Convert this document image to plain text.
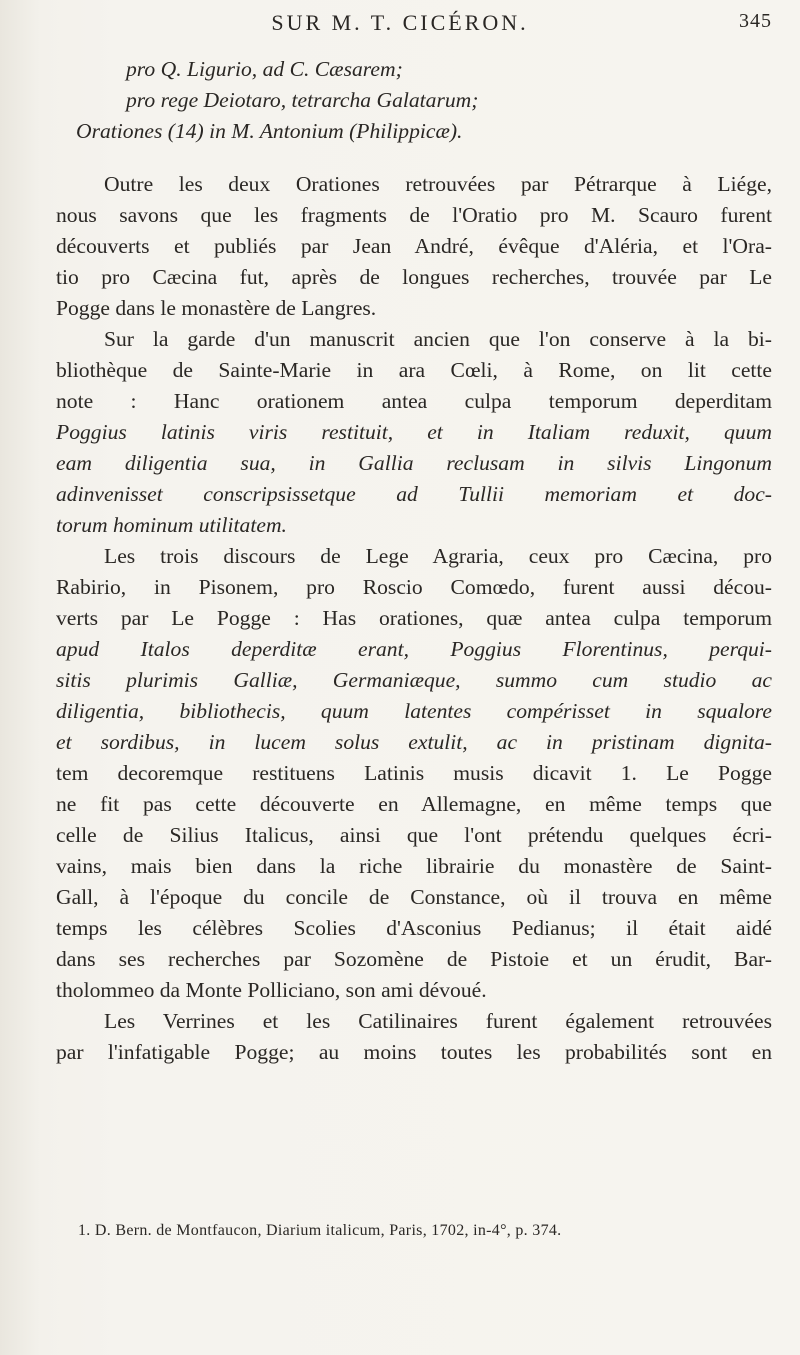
SUR M. T. CICÉRON.	345
pro Q. Ligurio, ad C. Cæsarem;
pro rege Deiotaro, tetrarcha Galatarum;
Orationes (14) in M. Antonium (Philippicæ).
Outre les deux Orationes retrouvées par Pétrarque à Liége,
nous savons que les fragments de l'Oratio pro M. Scauro furent
découverts et publiés par Jean André, évêque d'Aléria, et l'Ora-
tio pro Cæcina fut, après de longues recherches, trouvée par Le
Pogge dans le monastère de Langres.
Sur la garde d'un manuscrit ancien que l'on conserve à la bi-
bliothèque de Sainte-Marie in ara Cœli, à Rome, on lit cette
note : Hanc orationem antea culpa temporum deperditam
Poggius latinis viris restituit, et in Italiam reduxit, quum
eam diligentia sua, in Gallia reclusam in silvis Lingonum
adinvenisset conscripsissetque ad Tullii memoriam et doc-
torum hominum utilitatem.
Les trois discours de Lege Agraria, ceux pro Cæcina, pro
Rabirio, in Pisonem, pro Roscio Comœdo, furent aussi décou-
verts par Le Pogge : Has orationes, quæ antea culpa temporum
apud Italos deperditæ erant, Poggius Florentinus, perqui-
sitis plurimis Galliæ, Germaniæque, summo cum studio ac
diligentia, bibliothecis, quum latentes compérisset in squalore
et sordibus, in lucem solus extulit, ac in pristinam dignita-
tem decoremque restituens Latinis musis dicavit 1. Le Pogge
ne fit pas cette découverte en Allemagne, en même temps que
celle de Silius Italicus, ainsi que l'ont prétendu quelques écri-
vains, mais bien dans la riche librairie du monastère de Saint-
Gall, à l'époque du concile de Constance, où il trouva en même
temps les célèbres Scolies d'Asconius Pedianus; il était aidé
dans ses recherches par Sozomène de Pistoie et un érudit, Bar-
tholommeo da Monte Polliciano, son ami dévoué.
Les Verrines et les Catilinaires furent également retrouvées
par l'infatigable Pogge; au moins toutes les probabilités sont en
1. D. Bern. de Montfaucon, Diarium italicum, Paris, 1702, in-4°, p. 374.
